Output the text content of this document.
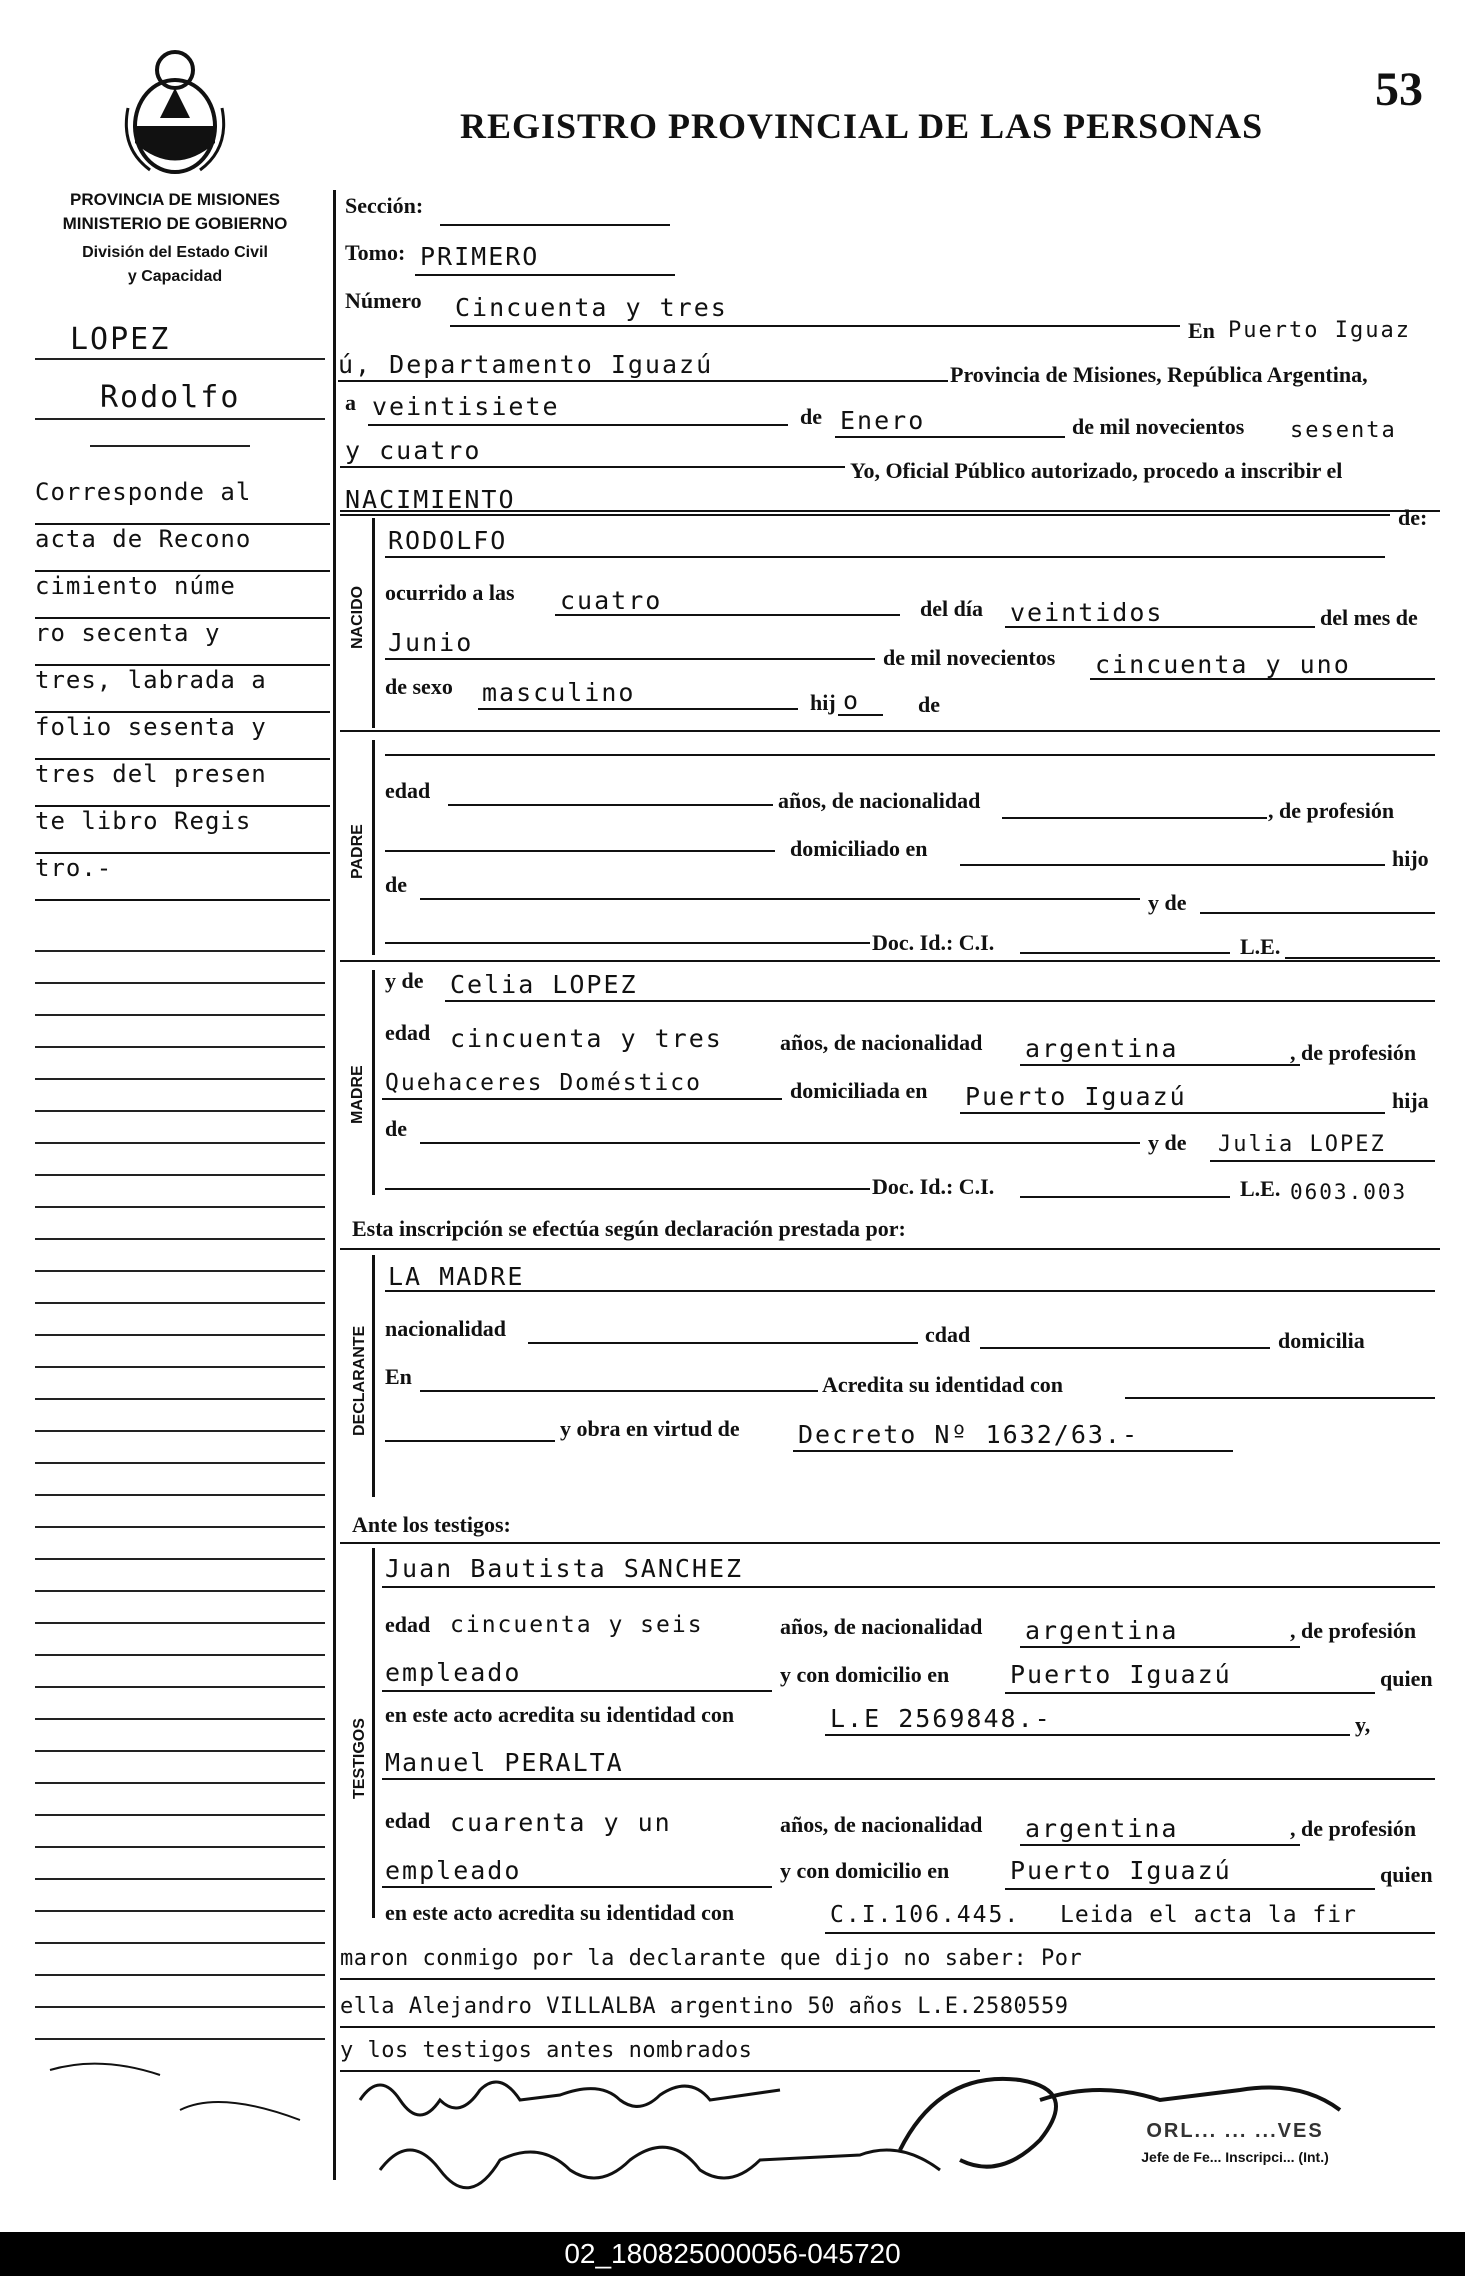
53
REGISTRO PROVINCIAL DE LAS PERSONAS
PROVINCIA DE MISIONES
MINISTERIO DE GOBIERNO
División del Estado Civil
y Capacidad
LOPEZ
Rodolfo
Corresponde al
acta de Recono
cimiento núme
ro secenta y
tres, labrada a
folio sesenta y
tres del presen
te libro Regis
tro.-
Sección:
Tomo: PRIMERO
Número Cincuenta y tres
En Puerto Iguaz
ú, Departamento Iguazú	Provincia de Misiones, República Argentina,
a veintisiete	de Enero	de mil novecientos sesenta
y cuatro
Yo, Oficial Público autorizado, procedo a inscribir el
NACIMIENTO
NACIDO
de:
RODOLFO
ocurrido a las cuatro	del día veintidos	del mes de
Junio
de mil novecientos cincuenta y uno
de sexo masculino	hij o	de
PADRE
edad	años, de nacionalidad	, de profesión
domiciliado en	hijo
de
y de
Doc. Id.: C.I.	L.E.
MADRE
y de Celia LOPEZ
edad cincuenta y tres	años, de nacionalidad argentina	, de profesión
Quehaceres Doméstico	domiciliada en Puerto Iguazú	hija
de
y de Julia LOPEZ
Doc. Id.: C.I.	L.E. 0603.003
Esta inscripción se efectúa según declaración prestada por:
DECLARANTE
LA MADRE
nacionalidad	cdad	domicilia
En	Acredita su identidad con
y obra en virtud de Decreto Nº 1632/63.-
Ante los testigos:
TESTIGOS
Juan Bautista SANCHEZ
edad cincuenta y seis	años, de nacionalidad argentina	, de profesión
empleado	y con domicilio en Puerto Iguazú	quien
en este acto acredita su identidad con	L.E 2569848.-	y,
Manuel PERALTA
edad cuarenta y un	años, de nacionalidad argentina	, de profesión
empleado	y con domicilio en Puerto Iguazú	quien
en este acto acredita su identidad con	C.I.106.445. Leida el acta la fir
maron conmigo por la declarante que dijo no saber: Por
ella Alejandro VILLALBA argentino 50 años L.E.2580559
y los testigos antes nombrados
ORL... ... ...VES
Jefe de Fe... Inscripci... (Int.)
02_180825000056-045720
